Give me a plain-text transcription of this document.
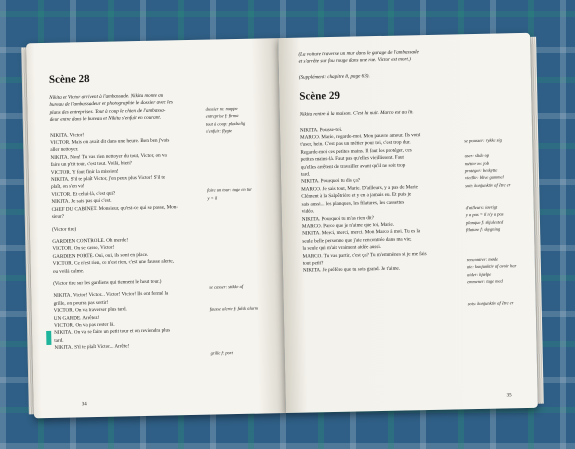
Scène 28
Nikita et Victor arrivent à l'ambassade. Nikita monte au
bureau de l'ambassadeur et photographie le dossier avec les
plans des entreprises. Tout à coup le chien de l'ambassa-
deur entre dans le bureau et Nikita s'enfuit en courant.
NIKITA. Victor!
VICTOR. Mais on avait dit dans une heure. Bon ben j'vais
aller nettoyer.
NIKITA. Non! Tu vas rien nettoyer du tout, Victor, on va
faire un p'tit tour, c'est tout. Voilà, bien?
VICTOR. Y faut finir la mission!
NIKITA. S'il te plaît Victor, j'en peux plus Victor! S'il te
plaît, on s'en va!
VICTOR. Et celui-là, c'est qui?
NIKITA. Je sais pas qui c'est.
CHEF DU CABINET. Monsieur, qu'est-ce qui se passe, Mon-
sieur?
(Victor tire)
GARDIEN CONTROLE. Oh merde!
VICTOR. On se casse, Victor!
GARDIEN PORTE. Oui, oui, ils sont en place.
VICTOR. Ce n'est rien, ce n'est rien, c'est une fausse alerte,
ou voilà calme.
(Victor tire sur les gardiens qui tiennent le hout tour.)
NIKITA. Victor! Victor... Victor! Victor! Ils ont fermé la
grille, on pourra pas sortir!
VICTOR. On va traverser plus tard.
UN GARDE. Arrêtez!
VICTOR. On va pas rester là.
NIKITA. On va se faire un petit tour et on reviendra plus
tard.
NIKITA. S'il te plaît Victor... Arrête!
dossier m: mappe
entreprise f: firma
tout à coup: plødselig
s'enfuir: flygte
faire un tour: tage en tur
y = il
se casser: stikke af
fausse alerte f: falsk alarm
grille f: port
34
(La voiture traverse un mur dans le garage de l'ambassade
et s'arrête sur fou rouge dans une rue. Victor est mort.)
(Supplément: chapitre 8, page 63).
Scène 29
Nikita rentre à la maison. C'est la nuit. Marco est au lit.
NIKITA. Pousse-toi.
MARCO. Marie, regarde-moi. Mon pauvre amour. Ils vont
t'user, hein. C'est pas un métier pour toi, c'est trop dur.
Regarde-moi ces petites mains. Il faut les protéger, ces
petites mains-là. Faut pas qu'elles vieillissent. Faut
qu'elles arrêtent de travailler avant qu'il ne soit trop
tard.
NIKITA. Pourquoi tu dis ça?
MARCO. Je sais tout, Marie. D'ailleurs, y a pas de Marie
Clément à la Salpêtrière et y en a jamais eu. Et puis je
sais aussi... les planques, les filatures, les cassettes
vidéo.
NIKITA. Pourquoi tu m'as rien dit?
MARCO. Parce que je n'aime que toi, Marie.
NIKITA. Merci, merci, merci. Mon Marco à moi. Tu es la
seule belle personne que j'aie rencontrée dans ma vie;
la seule qui m'ait vraiment aidée aussi.
MARCO. Tu vas partir, c'est ça? Tu m'emmènes si je me fais
tout petit?
NIKITA. Je préfère que tu sois grand. Je t'aime.
se pousser: rykke sig
user: slide op
métier m: job
protéger: beskytte
vieillir: blive gammel
soit: konjunktiv af être er
d'ailleurs: iøvrigt
y a pas = il n'y a pas
planque f: skjulested
filature f: skygning
rencontrer: møde
aie: konjunktiv af avoir har
aider: hjælpe
emmener: tage med
sois: konjunktiv af être er
35
